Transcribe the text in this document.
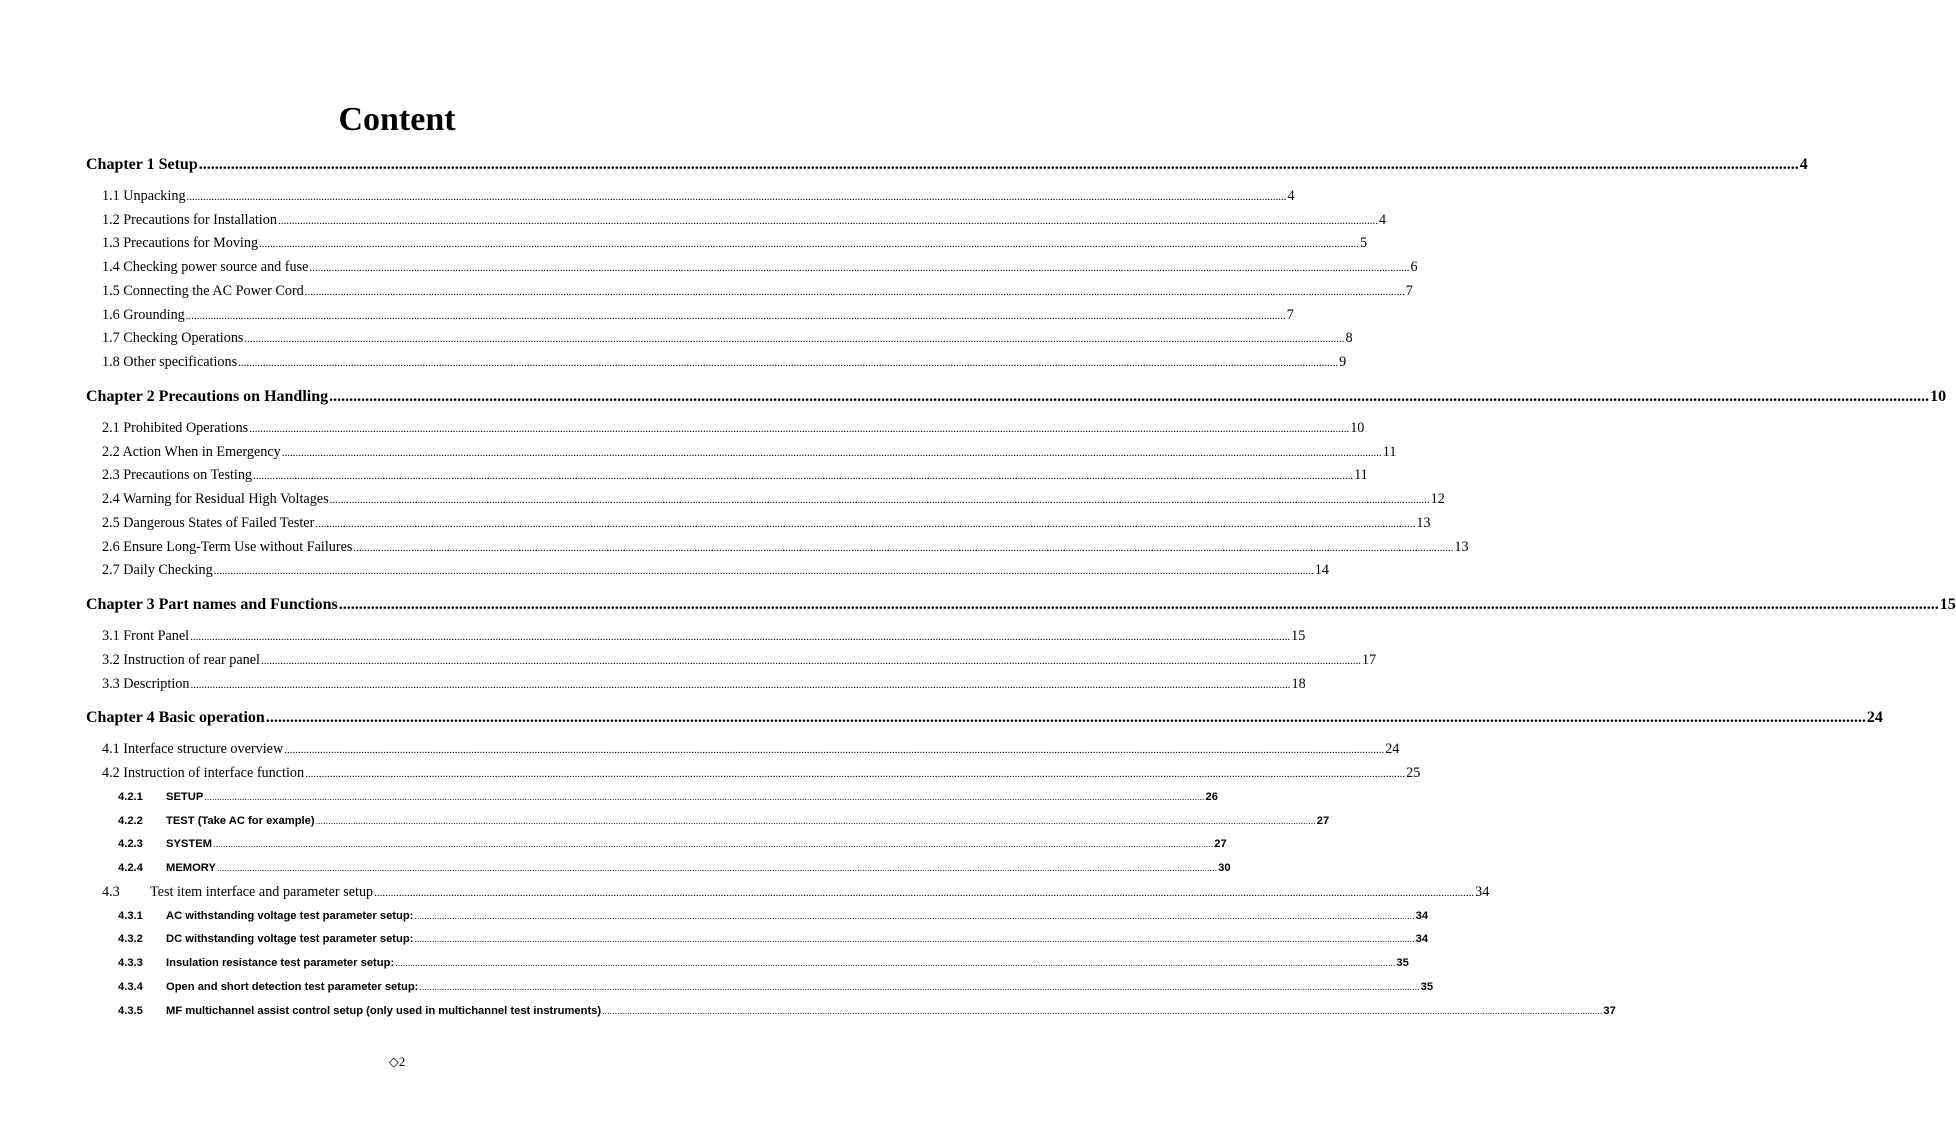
Content
Chapter 1 Setup ................................................................................................................................................................................................................................................................................................................................................................................................................ 4
1.1 Unpacking ................................................................................................................................................................................................................................................................................................................................................................................................................ 4
1.2 Precautions for Installation ................................................................................................................................................................................................................................................................................................................................................................................................................ 4
1.3 Precautions for Moving ................................................................................................................................................................................................................................................................................................................................................................................................................ 5
1.4 Checking power source and fuse ................................................................................................................................................................................................................................................................................................................................................................................................................ 6
1.5 Connecting the AC Power Cord ................................................................................................................................................................................................................................................................................................................................................................................................................ 7
1.6 Grounding ................................................................................................................................................................................................................................................................................................................................................................................................................ 7
1.7 Checking Operations ................................................................................................................................................................................................................................................................................................................................................................................................................ 8
1.8 Other specifications ................................................................................................................................................................................................................................................................................................................................................................................................................ 9
Chapter 2 Precautions on Handling ................................................................................................................................................................................................................................................................................................................................................................................................................ 10
2.1 Prohibited Operations ................................................................................................................................................................................................................................................................................................................................................................................................................ 10
2.2 Action When in Emergency ................................................................................................................................................................................................................................................................................................................................................................................................................ 11
2.3 Precautions on Testing ................................................................................................................................................................................................................................................................................................................................................................................................................ 11
2.4 Warning for Residual High Voltages ................................................................................................................................................................................................................................................................................................................................................................................................................ 12
2.5 Dangerous States of Failed Tester ................................................................................................................................................................................................................................................................................................................................................................................................................ 13
2.6 Ensure Long-Term Use without Failures ................................................................................................................................................................................................................................................................................................................................................................................................................ 13
2.7 Daily Checking ................................................................................................................................................................................................................................................................................................................................................................................................................ 14
Chapter 3 Part names and Functions ................................................................................................................................................................................................................................................................................................................................................................................................................ 15
3.1 Front Panel ................................................................................................................................................................................................................................................................................................................................................................................................................ 15
3.2 Instruction of rear panel ................................................................................................................................................................................................................................................................................................................................................................................................................ 17
3.3 Description ................................................................................................................................................................................................................................................................................................................................................................................................................ 18
Chapter 4 Basic operation ................................................................................................................................................................................................................................................................................................................................................................................................................ 24
4.1 Interface structure overview ................................................................................................................................................................................................................................................................................................................................................................................................................ 24
4.2 Instruction of interface function ................................................................................................................................................................................................................................................................................................................................................................................................................ 25
4.2.1 SETUP ................................................................................................................................................................................................................................................................................................................................................................................................................ 26
4.2.2 TEST (Take AC for example) ................................................................................................................................................................................................................................................................................................................................................................................................................ 27
4.2.3 SYSTEM ................................................................................................................................................................................................................................................................................................................................................................................................................ 27
4.2.4 MEMORY ................................................................................................................................................................................................................................................................................................................................................................................................................ 30
4.3 Test item interface and parameter setup ................................................................................................................................................................................................................................................................................................................................................................................................................ 34
4.3.1 AC withstanding voltage test parameter setup: ................................................................................................................................................................................................................................................................................................................................................................................................................ 34
4.3.2 DC withstanding voltage test parameter setup: ................................................................................................................................................................................................................................................................................................................................................................................................................ 34
4.3.3 Insulation resistance test parameter setup: ................................................................................................................................................................................................................................................................................................................................................................................................................ 35
4.3.4 Open and short detection test parameter setup: ................................................................................................................................................................................................................................................................................................................................................................................................................ 35
4.3.5 MF multichannel assist control setup (only used in multichannel test instruments) ................................................................................................................................................................................................................................................................................................................................................................................................................ 37
◇2
